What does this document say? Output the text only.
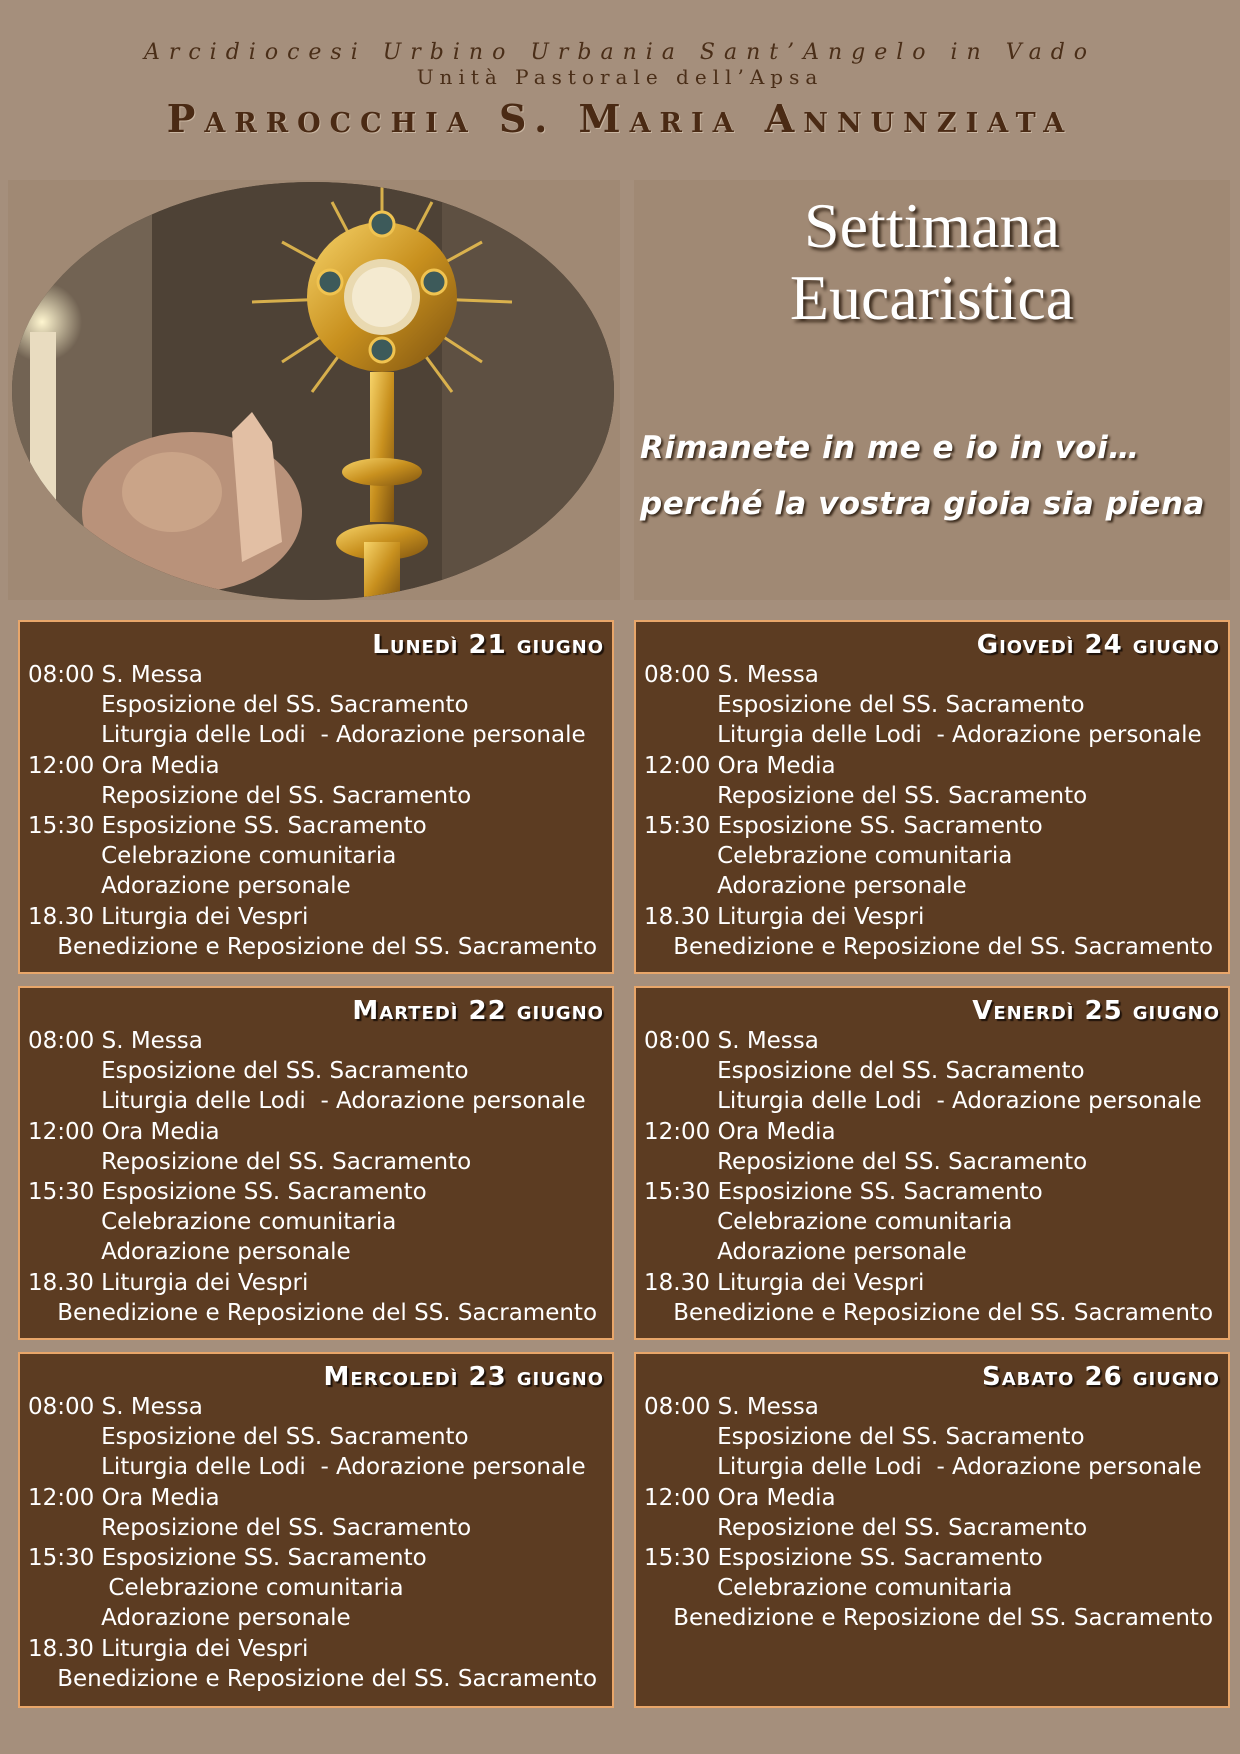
Arcidiocesi Urbino Urbania Sant’Angelo in Vado
Unità Pastorale dell’Apsa
Parrocchia S. Maria Annunziata
Settimana
Eucaristica
Rimanete in me e io in voi…
perché la vostra gioia sia piena
Lunedì 21 giugno
08:00 S. Messa
Esposizione del SS. Sacramento
Liturgia delle Lodi  - Adorazione personale
12:00 Ora Media
Reposizione del SS. Sacramento
15:30 Esposizione SS. Sacramento
Celebrazione comunitaria
Adorazione personale
18.30 Liturgia dei Vespri
Benedizione e Reposizione del SS. Sacramento
Giovedì 24 giugno
08:00 S. Messa
Esposizione del SS. Sacramento
Liturgia delle Lodi  - Adorazione personale
12:00 Ora Media
Reposizione del SS. Sacramento
15:30 Esposizione SS. Sacramento
Celebrazione comunitaria
Adorazione personale
18.30 Liturgia dei Vespri
Benedizione e Reposizione del SS. Sacramento
Martedì 22 giugno
08:00 S. Messa
Esposizione del SS. Sacramento
Liturgia delle Lodi  - Adorazione personale
12:00 Ora Media
Reposizione del SS. Sacramento
15:30 Esposizione SS. Sacramento
Celebrazione comunitaria
Adorazione personale
18.30 Liturgia dei Vespri
Benedizione e Reposizione del SS. Sacramento
Venerdì 25 giugno
08:00 S. Messa
Esposizione del SS. Sacramento
Liturgia delle Lodi  - Adorazione personale
12:00 Ora Media
Reposizione del SS. Sacramento
15:30 Esposizione SS. Sacramento
Celebrazione comunitaria
Adorazione personale
18.30 Liturgia dei Vespri
Benedizione e Reposizione del SS. Sacramento
Mercoledì 23 giugno
08:00 S. Messa
Esposizione del SS. Sacramento
Liturgia delle Lodi  - Adorazione personale
12:00 Ora Media
Reposizione del SS. Sacramento
15:30 Esposizione SS. Sacramento
Celebrazione comunitaria
Adorazione personale
18.30 Liturgia dei Vespri
Benedizione e Reposizione del SS. Sacramento
Sabato 26 giugno
08:00 S. Messa
Esposizione del SS. Sacramento
Liturgia delle Lodi  - Adorazione personale
12:00 Ora Media
Reposizione del SS. Sacramento
15:30 Esposizione SS. Sacramento
Celebrazione comunitaria
Benedizione e Reposizione del SS. Sacramento
